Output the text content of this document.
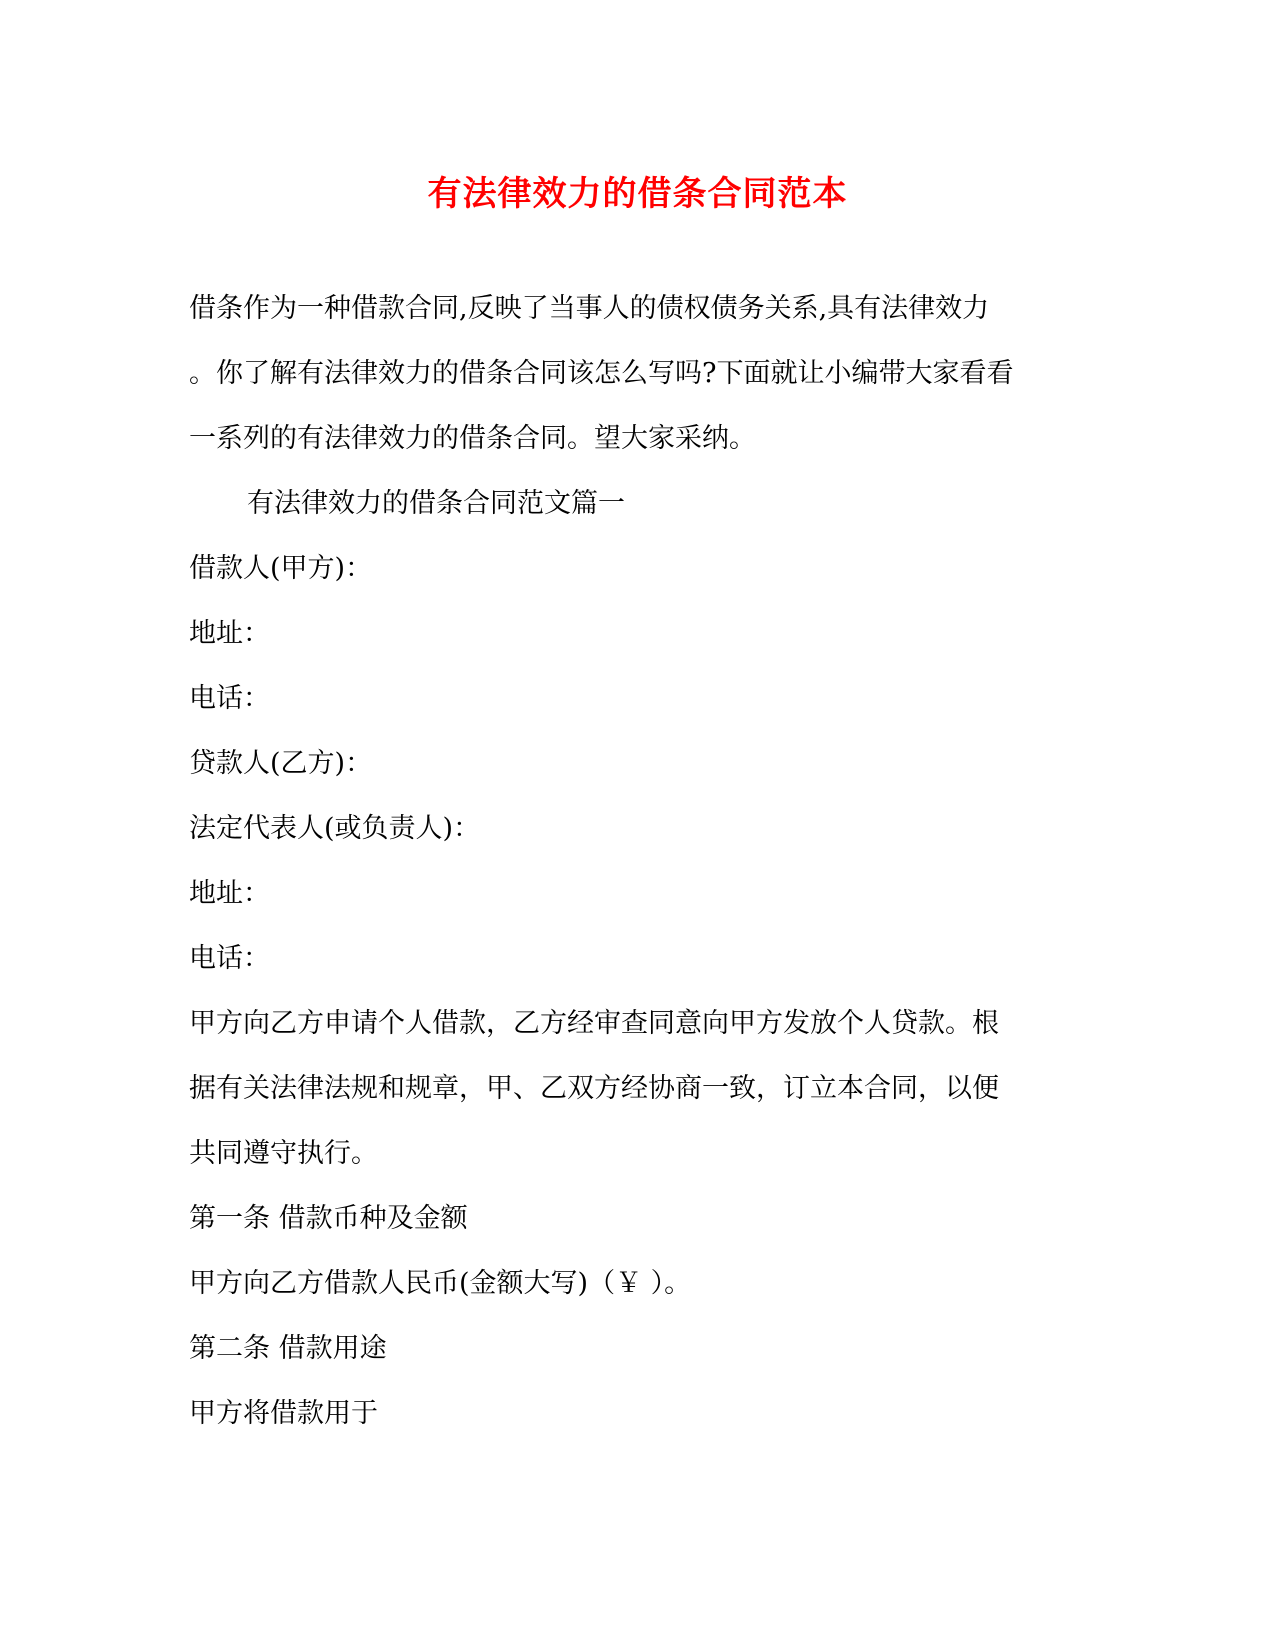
有法律效力的借条合同范本
借条作为一种借款合同,反映了当事人的债权债务关系,具有法律效力
。你了解有法律效力的借条合同该怎么写吗?下面就让小编带大家看看
一系列的有法律效力的借条合同。望大家采纳。
有法律效力的借条合同范文篇一
借款人(甲方)：
地址：
电话：
贷款人(乙方)：
法定代表人(或负责人)：
地址：
电话：
甲方向乙方申请个人借款，乙方经审查同意向甲方发放个人贷款。根
据有关法律法规和规章，甲、乙双方经协商一致，订立本合同，以便
共同遵守执行。
第一条 借款币种及金额
甲方向乙方借款人民币(金额大写)（￥ ）。
第二条 借款用途
甲方将借款用于
